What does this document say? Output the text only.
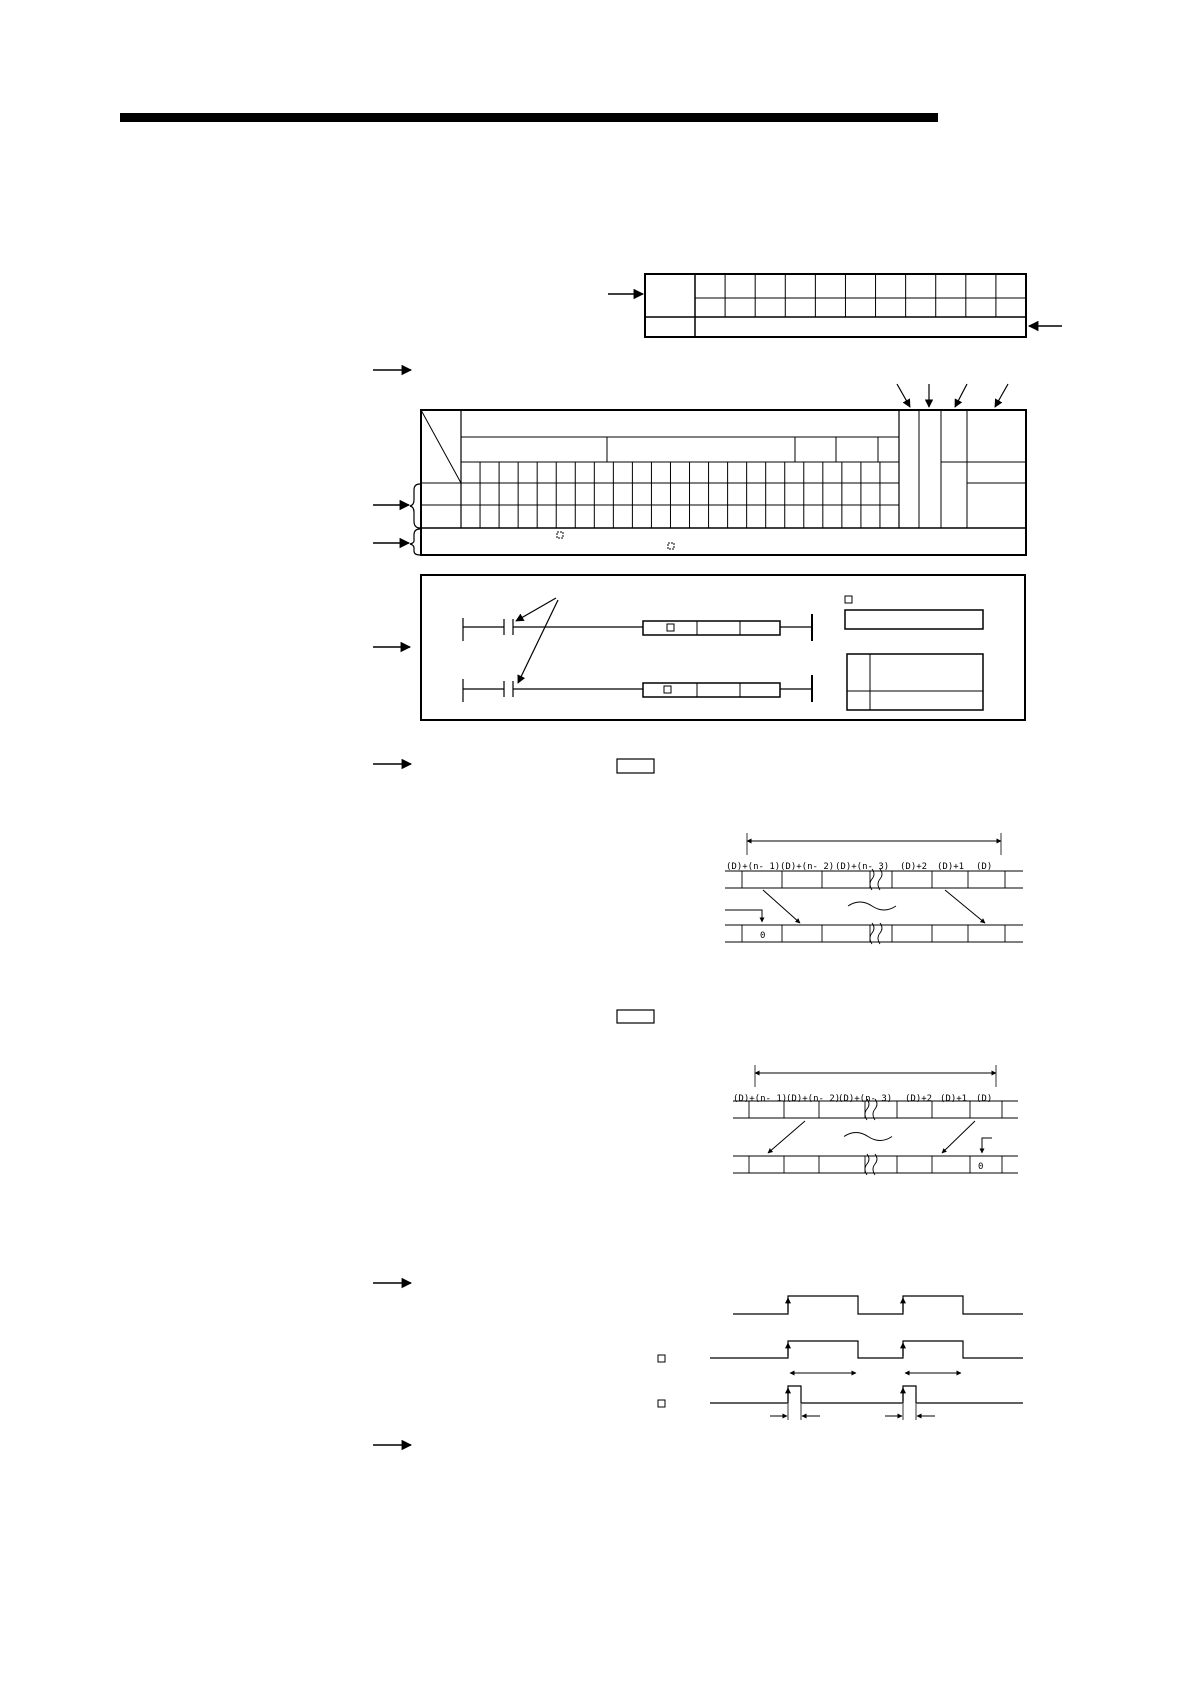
(D)+(n- 1) (D)+(n- 2) (D)+(n- 3) (D)+2 (D)+1 (D)
0
(D)+(n- 1)
(D)+(n- 2)
(D)+(n- 3) (D)+2 (D)+1 (D)
0
